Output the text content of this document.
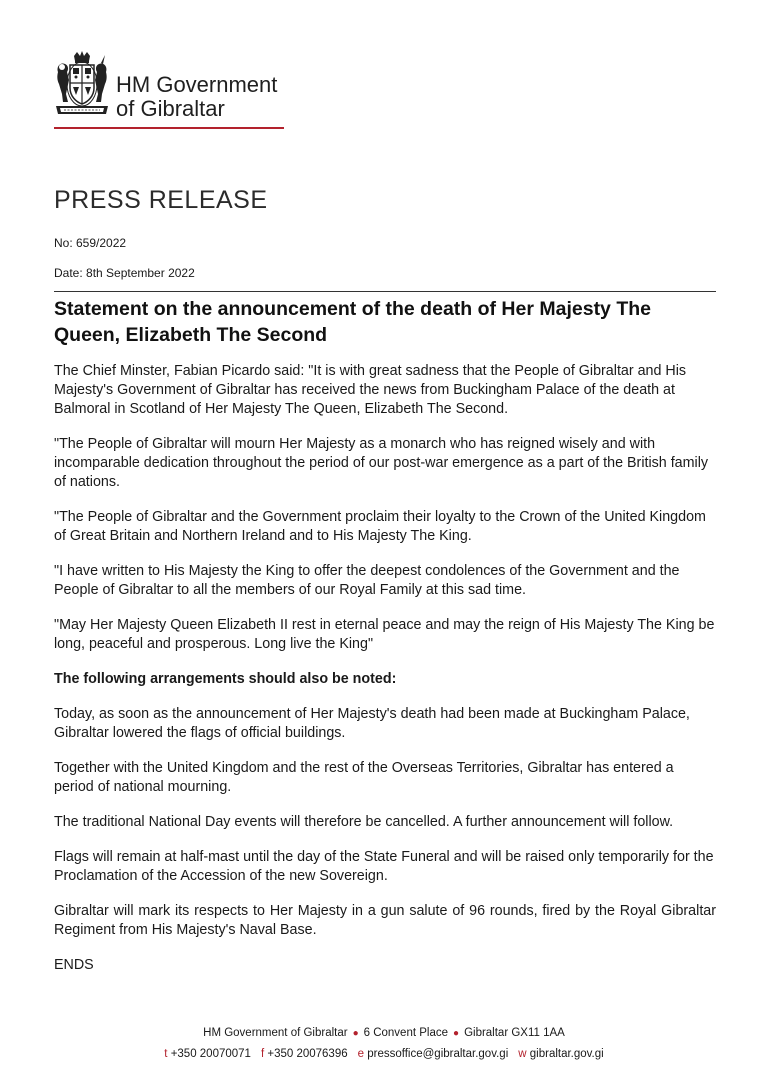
HM Government
of Gibraltar
PRESS RELEASE
No: 659/2022
Date: 8th September 2022
Statement on the announcement of the death of Her Majesty The Queen, Elizabeth The Second

The Chief Minster, Fabian Picardo said: "It is with great sadness that the People of Gibraltar and His Majesty's Government of Gibraltar has received the news from Buckingham Palace of the death at Balmoral in Scotland of Her Majesty The Queen, Elizabeth The Second.

"The People of Gibraltar will mourn Her Majesty as a monarch who has reigned wisely and with incomparable dedication throughout the period of our post-war emergence as a part of the British family of nations.

"The People of Gibraltar and the Government proclaim their loyalty to the Crown of the United Kingdom of Great Britain and Northern Ireland and to His Majesty The King.

"I have written to His Majesty the King to offer the deepest condolences of the Government and the People of Gibraltar to all the members of our Royal Family at this sad time.

"May Her Majesty Queen Elizabeth II rest in eternal peace and may the reign of His Majesty The King be long, peaceful and prosperous. Long live the King"

The following arrangements should also be noted:

Today, as soon as the announcement of Her Majesty's death had been made at Buckingham Palace, Gibraltar lowered the flags of official buildings.

Together with the United Kingdom and the rest of the Overseas Territories, Gibraltar has entered a period of national mourning.

The traditional National Day events will therefore be cancelled. A further announcement will follow.

Flags will remain at half-mast until the day of the State Funeral and will be raised only temporarily for the Proclamation of the Accession of the new Sovereign.

Gibraltar will mark its respects to Her Majesty in a gun salute of 96 rounds, fired by the Royal Gibraltar Regiment from His Majesty's Naval Base.

ENDS

HM Government of Gibraltar ● 6 Convent Place ● Gibraltar GX11 1AA
t +350 20070071 f +350 20076396 e pressoffice@gibraltar.gov.gi w gibraltar.gov.gi
